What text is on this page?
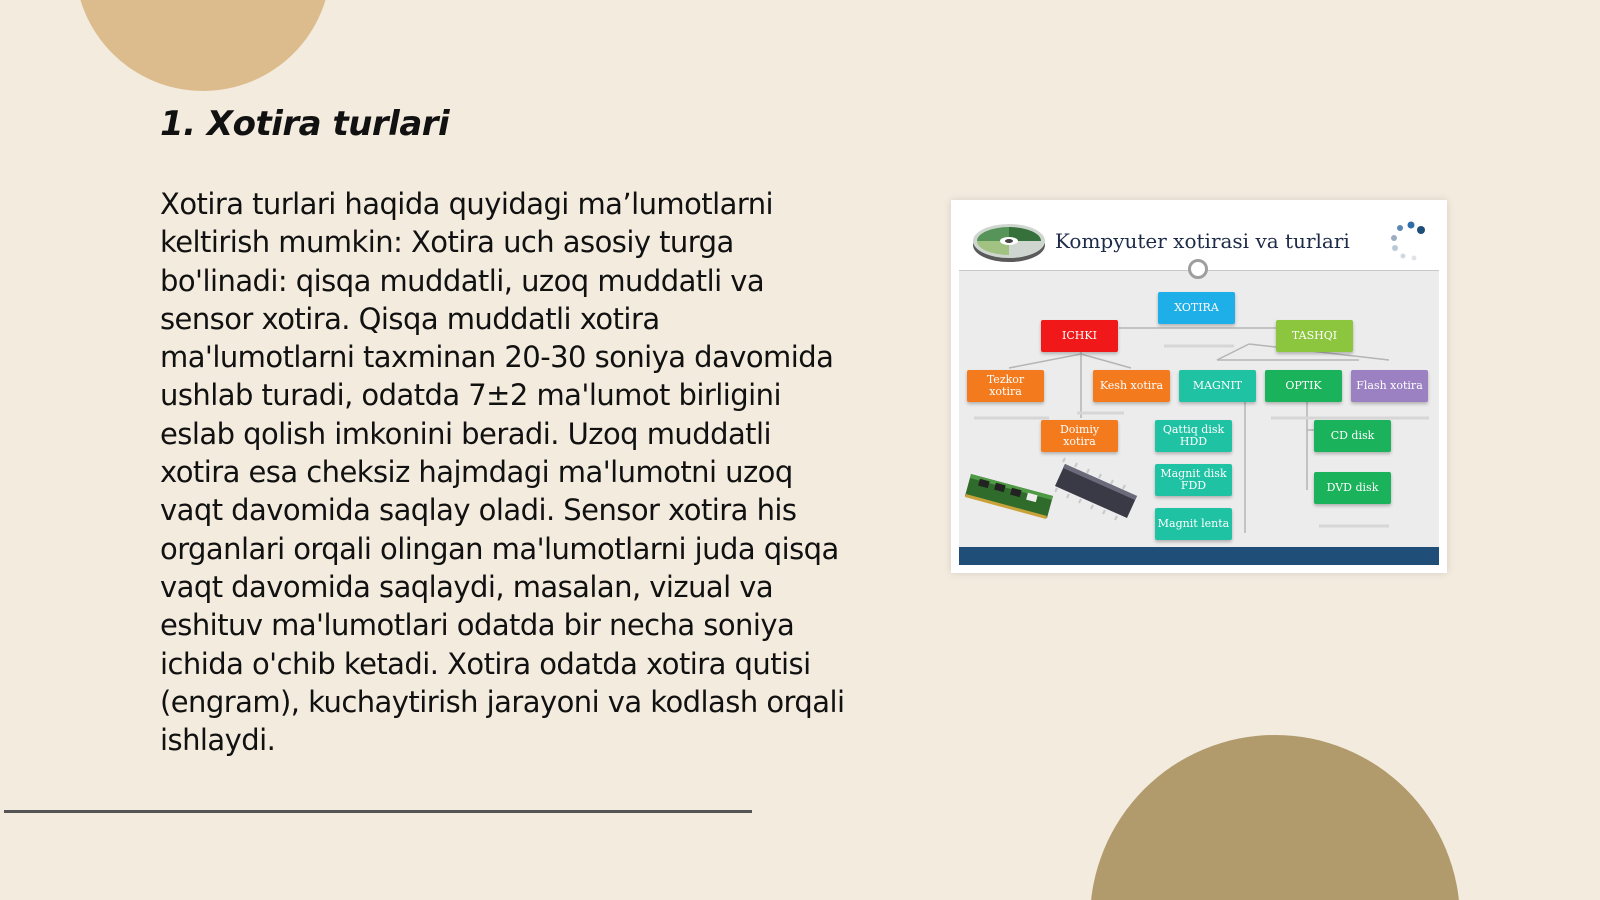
1. Xotira turlari

Xotira turlari haqida quyidagi ma’lumotlarni keltirish mumkin: Xotira uch asosiy turga bo'linadi: qisqa muddatli, uzoq muddatli va sensor xotira. Qisqa muddatli xotira ma'lumotlarni taxminan 20-30 soniya davomida ushlab turadi, odatda 7±2 ma'lumot birligini eslab qolish imkonini beradi. Uzoq muddatli xotira esa cheksiz hajmdagi ma'lumotni uzoq vaqt davomida saqlay oladi. Sensor xotira his organlari orqali olingan ma'lumotlarni juda qisqa vaqt davomida saqlaydi, masalan, vizual va eshituv ma'lumotlari odatda bir necha soniya ichida o'chib ketadi. Xotira odatda xotira qutisi (engram), kuchaytirish jarayoni va kodlash orqali ishlaydi.

Kompyuter xotirasi va turlari
XOTIRA
ICHKI	TASHQI
Tezkor xotira	Kesh xotira	MAGNIT	OPTIK	Flash xotira
Doimiy xotira
Qattiq disk HDD	CD disk
Magnit disk FDD	DVD disk
Magnit lenta
